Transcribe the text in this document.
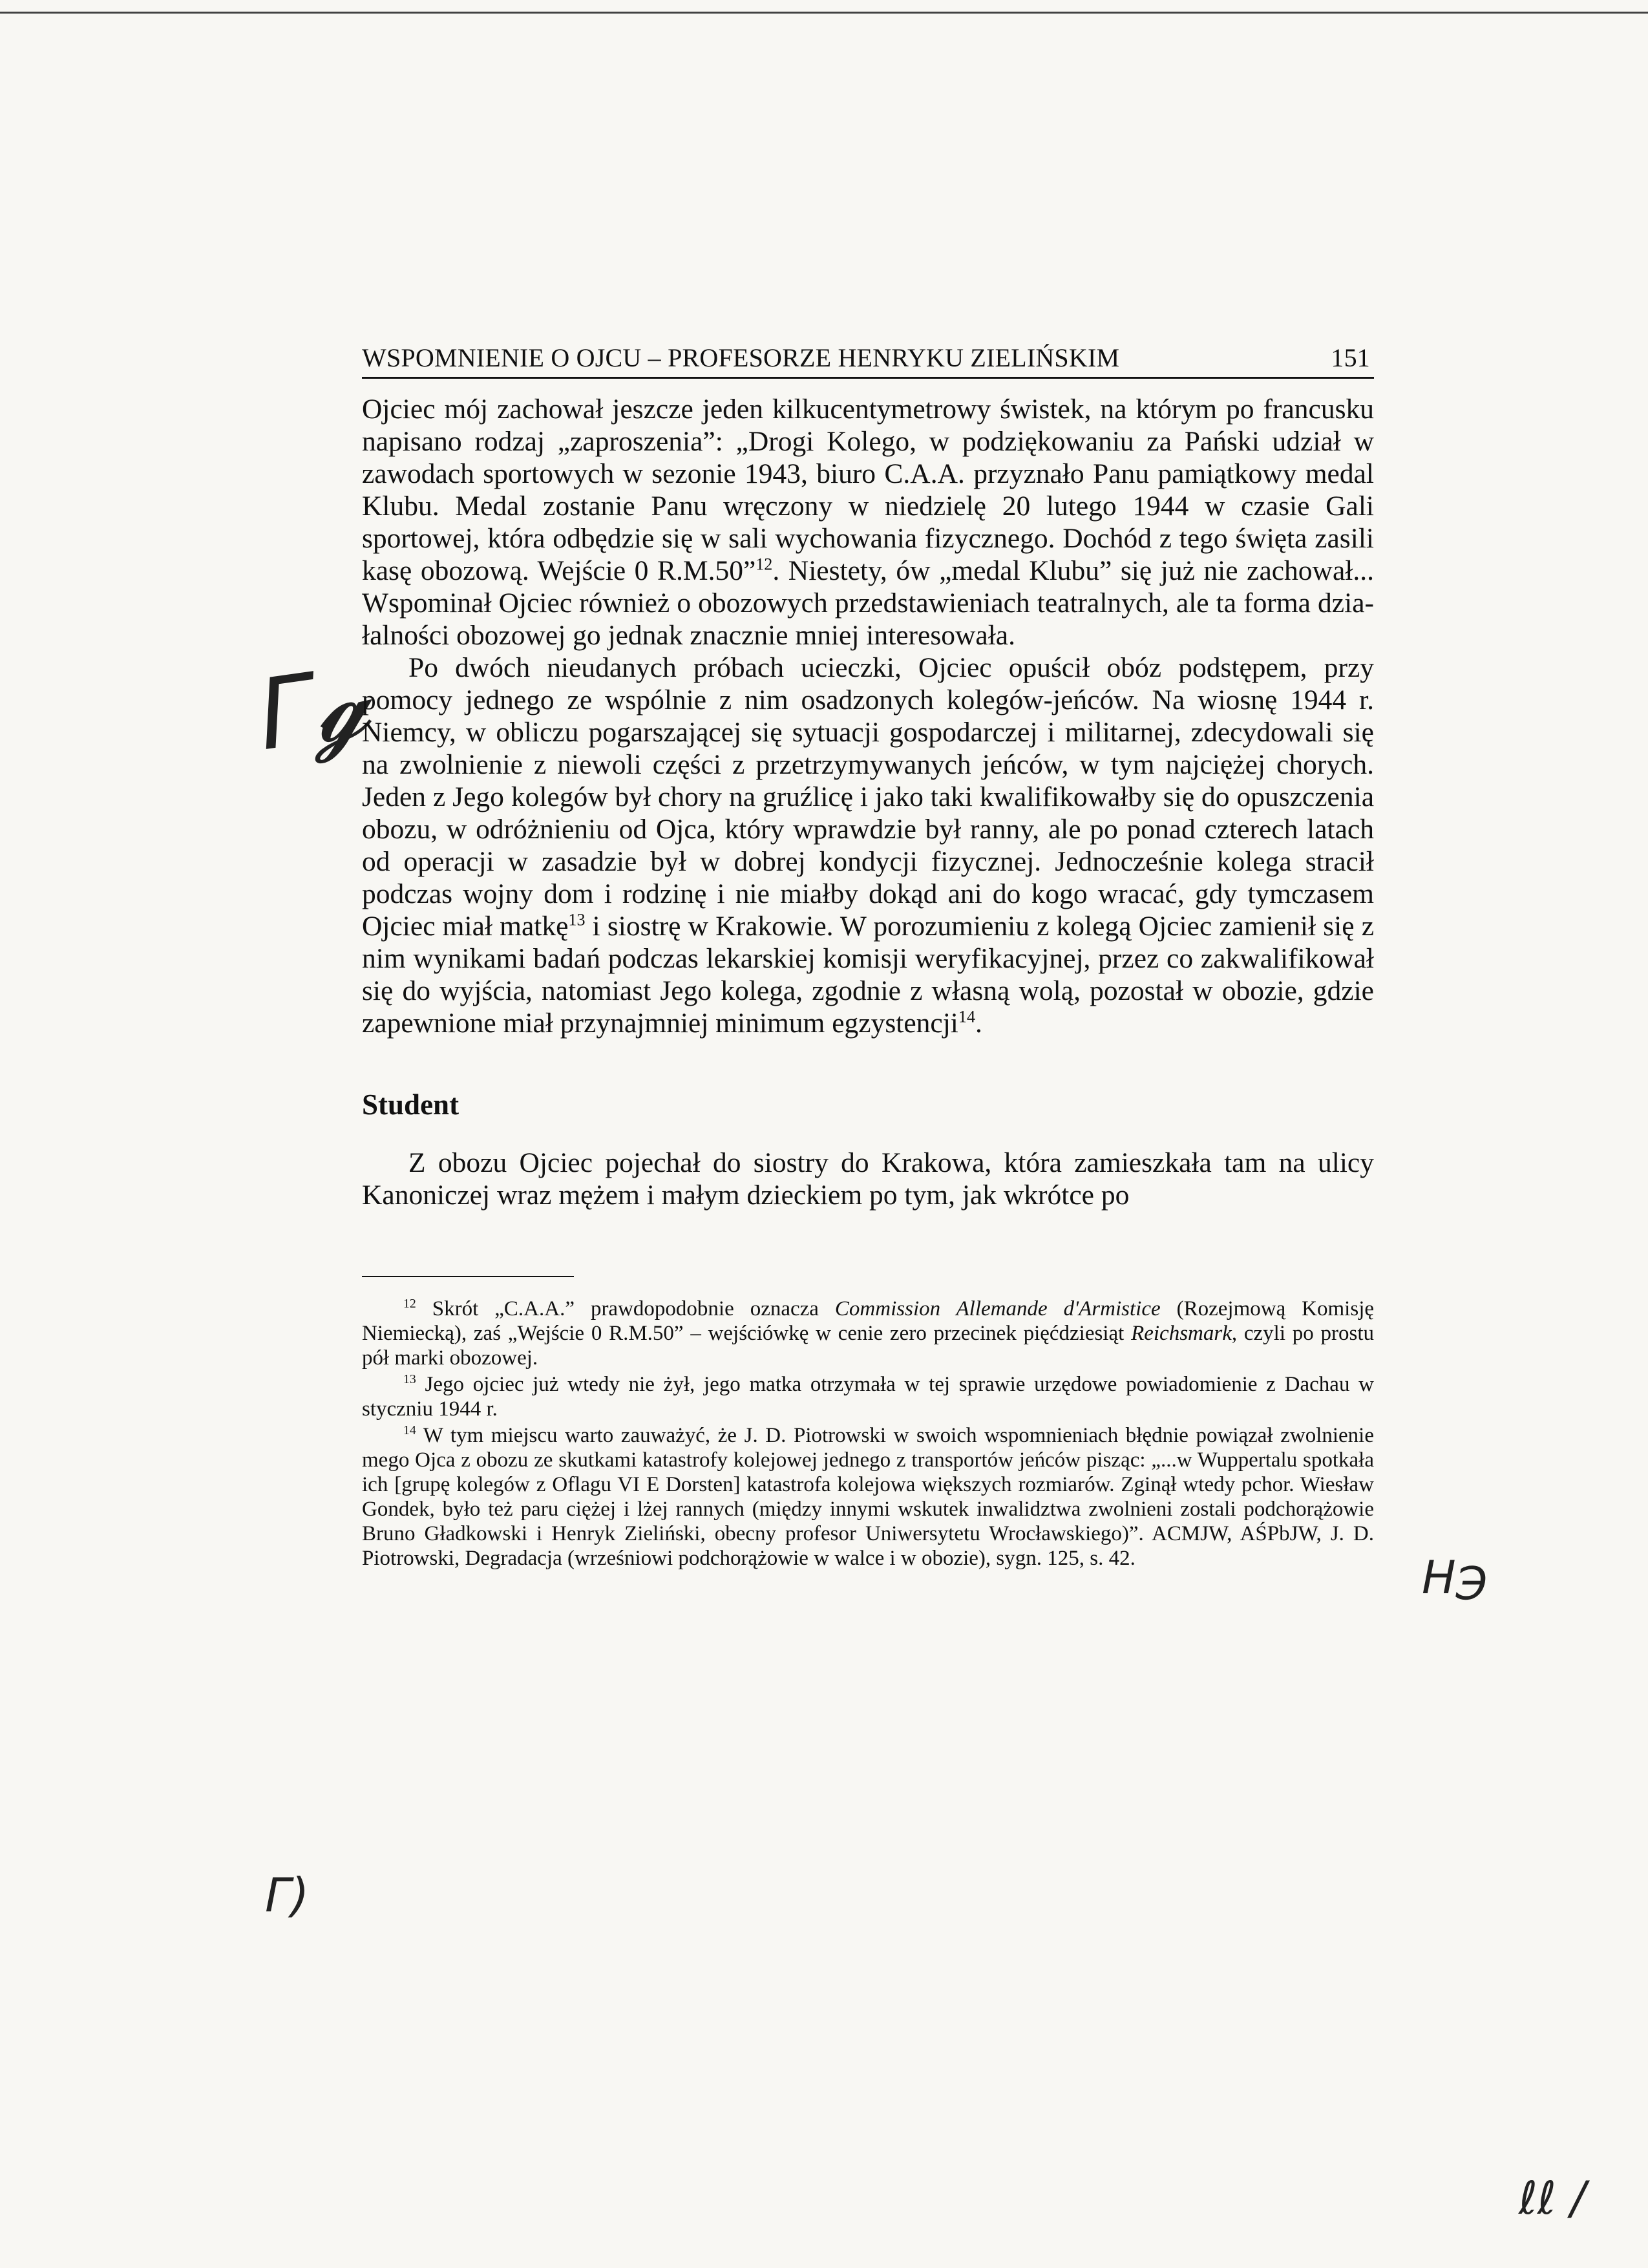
Γ𝓰
H℈
Γ)
ℓℓ /
WSPOMNIENIE O OJCU – PROFESORZE HENRYKU ZIELIŃSKIM	151

Ojciec mój zachował jeszcze jeden kilkucentymetrowy świstek, na którym po francusku napisano rodzaj „zaproszenia”: „Drogi Kolego, w podziękowaniu za Pański udział w zawodach sportowych w sezonie 1943, biuro C.A.A. przyznało Panu pamiątkowy medal Klubu. Medal zostanie Panu wręczony w niedzielę 20 lutego 1944 w czasie Gali sportowej, która odbędzie się w sali wychowania fizycznego. Dochód z tego święta zasili kasę obozową. Wejście 0 R.M.50”$^{12}$. Niestety, ów „medal Klubu” się już nie zachował... Wspominał Ojciec również o obozowych przedstawieniach teatralnych, ale ta forma działalności obozowej go jednak znacznie mniej interesowała.

Po dwóch nieudanych próbach ucieczki, Ojciec opuścił obóz podstępem, przy pomocy jednego ze wspólnie z nim osadzonych kolegów-jeńców. Na wiosnę 1944 r. Niemcy, w obliczu pogarszającej się sytuacji gospodarczej i militarnej, zdecydowali się na zwolnienie z niewoli części z przetrzymywanych jeńców, w tym najciężej chorych. Jeden z Jego kolegów był chory na gruźlicę i jako taki kwalifikowałby się do opuszczenia obozu, w odróżnieniu od Ojca, który wprawdzie był ranny, ale po ponad czterech latach od operacji w zasadzie był w dobrej kondycji fizycznej. Jednocześnie kolega stracił podczas wojny dom i rodzinę i nie miałby dokąd ani do kogo wracać, gdy tymczasem Ojciec miał matkę$^{13}$ i siostrę w Krakowie. W porozumieniu z kolegą Ojciec zamienił się z nim wynikami badań podczas lekarskiej komisji weryfikacyjnej, przez co zakwalifikował się do wyjścia, natomiast Jego kolega, zgodnie z własną wolą, pozostał w obozie, gdzie zapewnione miał przynajmniej minimum egzystencji$^{14}$.

Student

Z obozu Ojciec pojechał do siostry do Krakowa, która zamieszkała tam na ulicy Kanoniczej wraz mężem i małym dzieckiem po tym, jak wkrótce po

$^{12}$ Skrót „C.A.A.” prawdopodobnie oznacza Commission Allemande d'Armistice (Rozejmową Komisję Niemiecką), zaś „Wejście 0 R.M.50” – wejściówkę w cenie zero przecinek pięćdziesiąt Reichsmark, czyli po prostu pół marki obozowej.

$^{13}$ Jego ojciec już wtedy nie żył, jego matka otrzymała w tej sprawie urzędowe powiadomienie z Dachau w styczniu 1944 r.

$^{14}$ W tym miejscu warto zauważyć, że J. D. Piotrowski w swoich wspomnieniach błędnie powiązał zwolnienie mego Ojca z obozu ze skutkami katastrofy kolejowej jednego z transportów jeńców pisząc: „...w Wuppertalu spotkała ich [grupę kolegów z Oflagu VI E Dorsten] katastrofa kolejowa większych rozmiarów. Zginął wtedy pchor. Wiesław Gondek, było też paru ciężej i lżej rannych (między innymi wskutek inwalidztwa zwolnieni zostali podchorążowie Bruno Gładkowski i Henryk Zieliński, obecny profesor Uniwersytetu Wrocławskiego)”. ACMJW, AŚPbJW, J. D. Piotrowski, Degradacja (wrześniowi podchorążowie w walce i w obozie), sygn. 125, s. 42.
